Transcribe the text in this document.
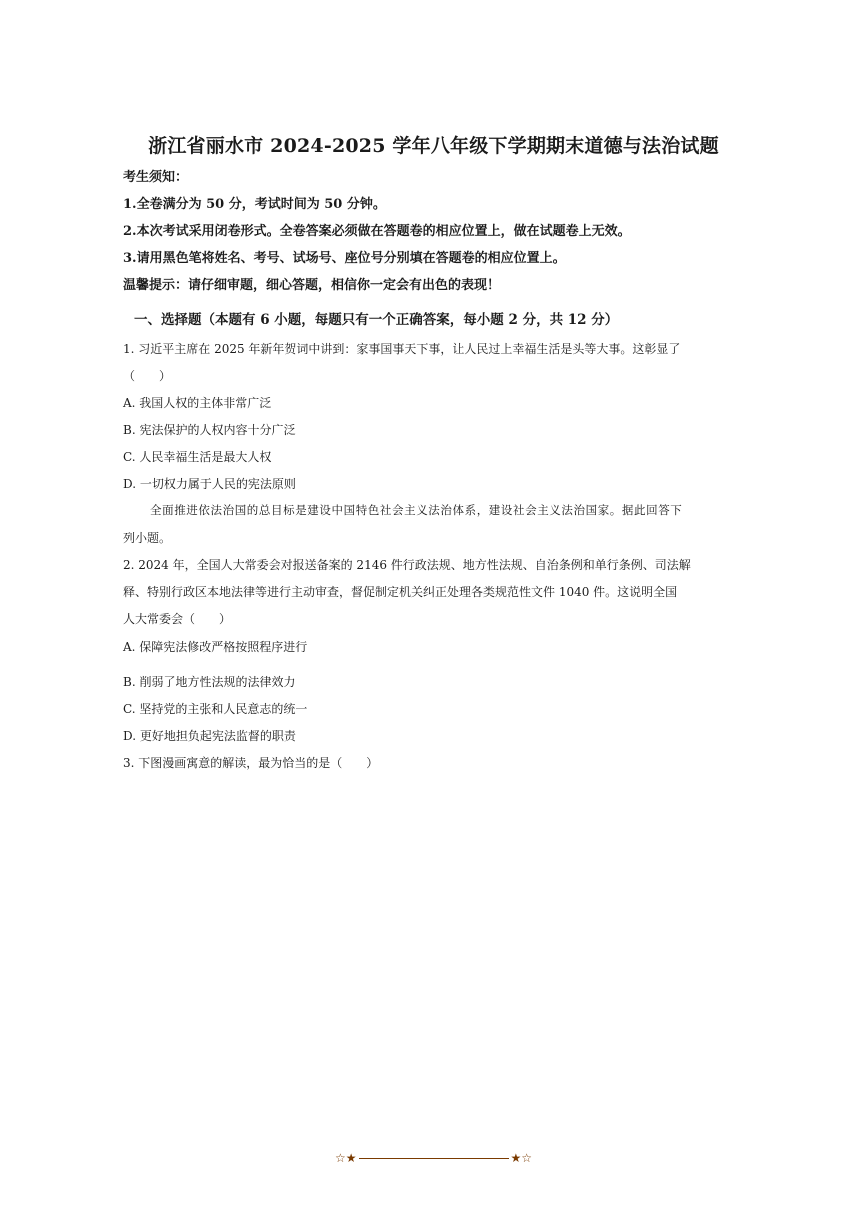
浙江省丽水市 2024-2025 学年八年级下学期期末道德与法治试题
考生须知：
1.全卷满分为 50 分，考试时间为 50 分钟。
2.本次考试采用闭卷形式。全卷答案必须做在答题卷的相应位置上，做在试题卷上无效。
3.请用黑色笔将姓名、考号、试场号、座位号分别填在答题卷的相应位置上。
温馨提示：请仔细审题，细心答题，相信你一定会有出色的表现！
一、选择题（本题有 6 小题，每题只有一个正确答案，每小题 2 分，共 12 分）
1. 习近平主席在 2025 年新年贺词中讲到：家事国事天下事，让人民过上幸福生活是头等大事。这彰显了
（　　）
A. 我国人权的主体非常广泛
B. 宪法保护的人权内容十分广泛
C. 人民幸福生活是最大人权
D. 一切权力属于人民的宪法原则
全面推进依法治国的总目标是建设中国特色社会主义法治体系，建设社会主义法治国家。据此回答下
列小题。
2. 2024 年，全国人大常委会对报送备案的 2146 件行政法规、地方性法规、自治条例和单行条例、司法解
释、特别行政区本地法律等进行主动审查，督促制定机关纠正处理各类规范性文件 1040 件。这说明全国
人大常委会（　　）
A. 保障宪法修改严格按照程序进行
B. 削弱了地方性法规的法律效力
C. 坚持党的主张和人民意志的统一
D. 更好地担负起宪法监督的职责
3. 下图漫画寓意的解读，最为恰当的是（　　）
☆★	★☆
